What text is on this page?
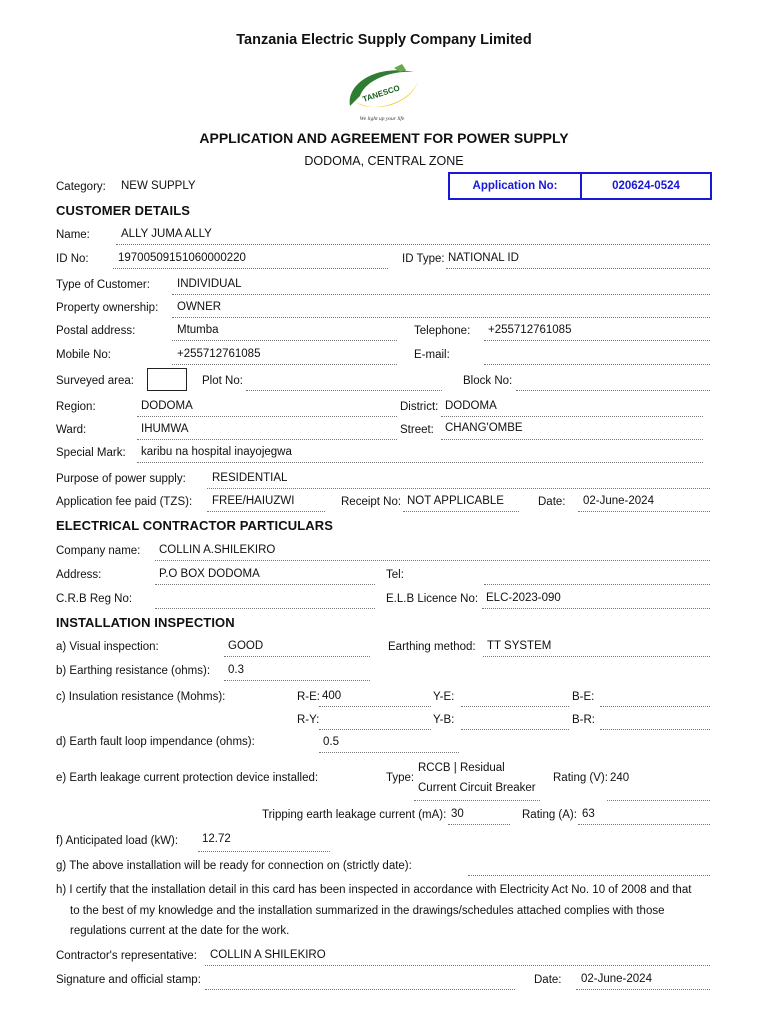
Tanzania Electric Supply Company Limited
TANESCO
We light up your life
APPLICATION AND AGREEMENT FOR POWER SUPPLY
DODOMA, CENTRAL ZONE
Category: NEW SUPPLY	Application No:	020624-0524
CUSTOMER DETAILS
Name:	ALLY JUMA ALLY
ID No:	19700509151060000220	ID Type: NATIONAL ID
Type of Customer: INDIVIDUAL
Property ownership: OWNER
Postal address:	Mtumba	Telephone: +255712761085
Mobile No:	+255712761085	E-mail:
Surveyed area:	Plot No:	Block No:
Region:	DODOMA	District: DODOMA
Ward:	IHUMWA	Street: CHANG'OMBE
Special Mark: karibu na hospital inayojegwa
Purpose of power supply: RESIDENTIAL
Application fee paid (TZS): FREE/HAIUZWI	Receipt No: NOT APPLICABLE	Date: 02-June-2024
ELECTRICAL CONTRACTOR PARTICULARS
Company name: COLLIN A.SHILEKIRO
Address:	P.O BOX DODOMA	Tel:
C.R.B Reg No:	E.L.B Licence No: ELC-2023-090
INSTALLATION INSPECTION
a) Visual inspection:	GOOD	Earthing method: TT SYSTEM
b) Earthing resistance (ohms): 0.3
c) Insulation resistance (Mohms):	R-E: 400	Y-E:	B-E:
R-Y:	Y-B:	B-R:
d) Earth fault loop impendance (ohms):	0.5
e) Earth leakage current protection device installed:	Type:
RCCB | Residual
Current Circuit Breaker
Rating (V): 240
Tripping earth leakage current (mA): 30	Rating (A): 63
f) Anticipated load (kW): 12.72
g) The above installation will be ready for connection on (strictly date):
h) I certify that the installation detail in this card has been inspected in accordance with Electricity Act No. 10 of 2008 and that
to the best of my knowledge and the installation summarized in the drawings/schedules attached complies with those
regulations current at the date for the work.
Contractor's representative: COLLIN A SHILEKIRO
Signature and official stamp:	Date: 02-June-2024
